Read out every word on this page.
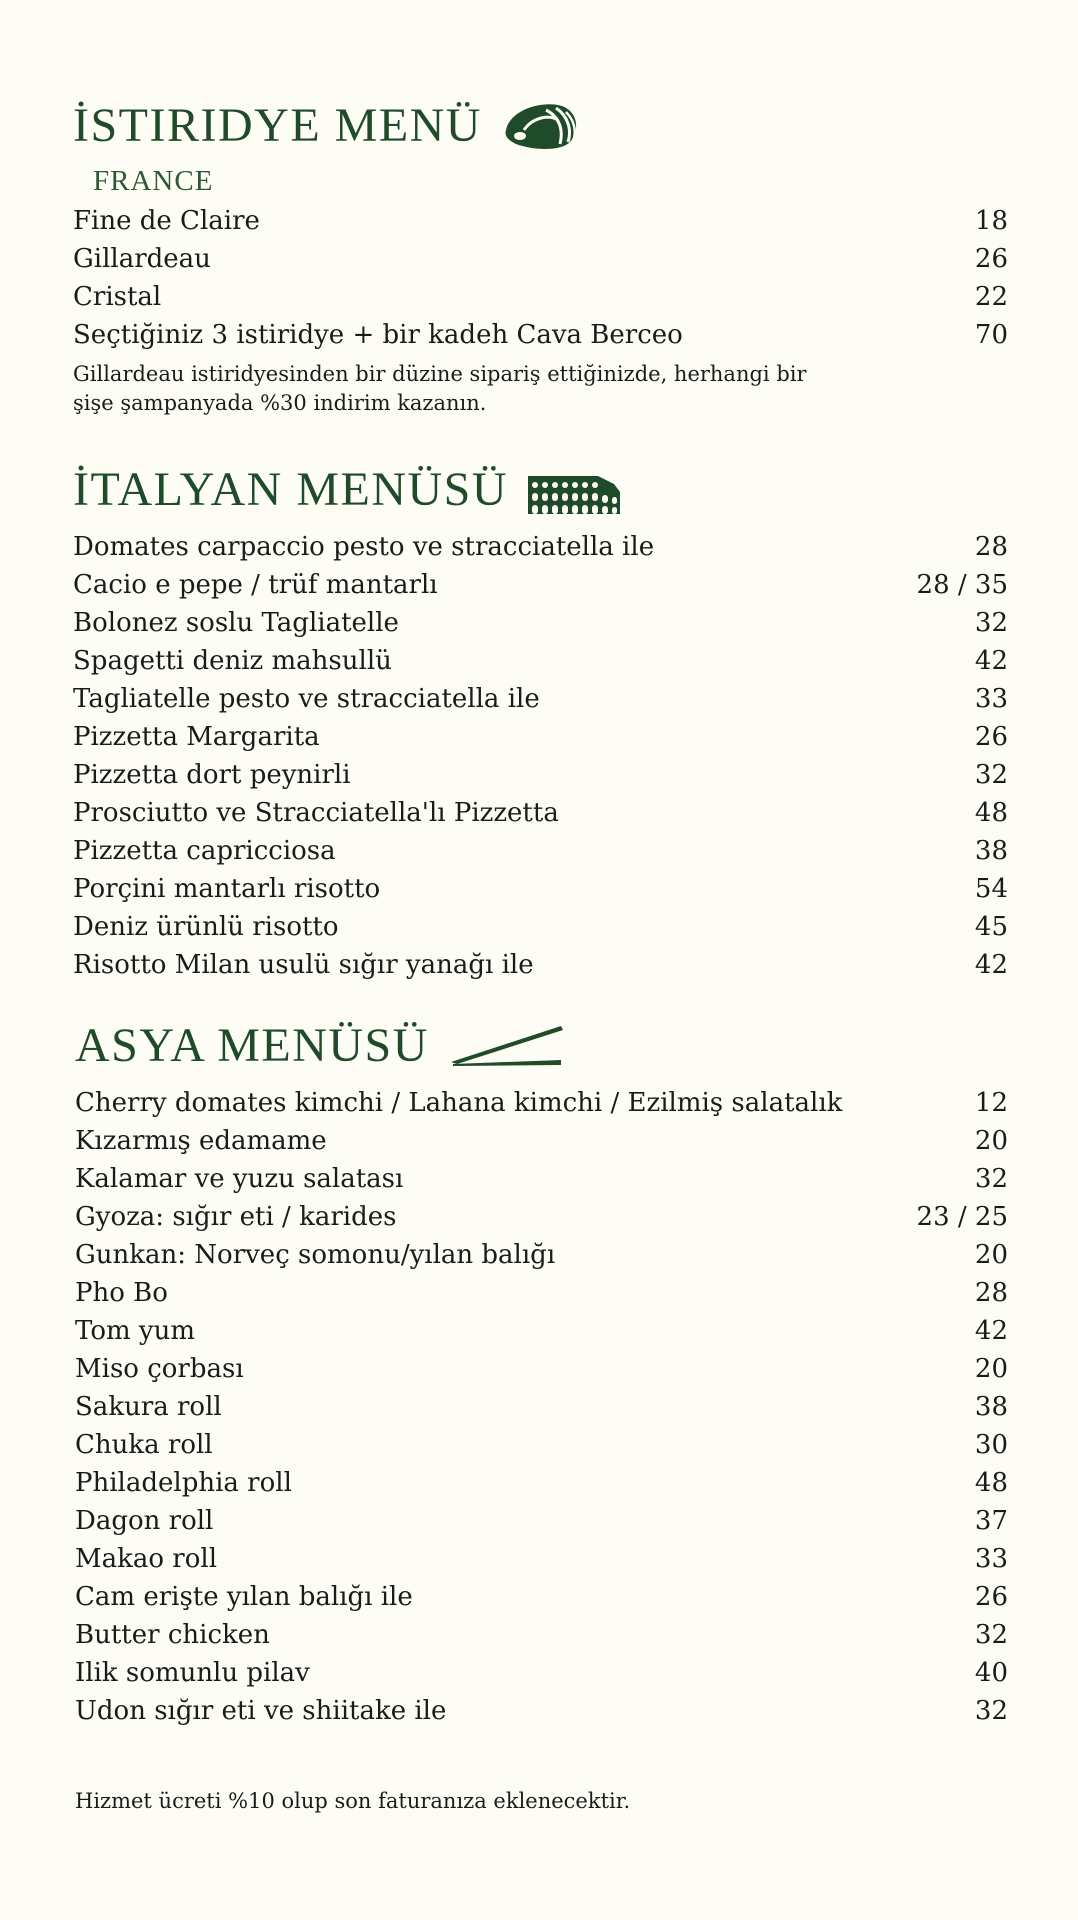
İSTIRIDYE MENÜ
FRANCE
Fine de Claire	18
Gillardeau	26
Cristal	22
Seçtiğiniz 3 istiridye + bir kadeh Cava Berceo	70
Gillardeau istiridyesinden bir düzine sipariş ettiğinizde, herhangi bir şişe şampanyada %30 indirim kazanın.
İTALYAN MENÜSÜ
Domates carpaccio pesto ve stracciatella ile	28
Cacio e pepe / trüf mantarlı	28 / 35
Bolonez soslu Tagliatelle	32
Spagetti deniz mahsullü	42
Tagliatelle pesto ve stracciatella ile	33
Pizzetta Margarita	26
Pizzetta dort peynirli	32
Prosciutto ve Stracciatella'lı Pizzetta	48
Pizzetta capricciosa	38
Porçini mantarlı risotto	54
Deniz ürünlü risotto	45
Risotto Milan usulü sığır yanağı ile	42
ASYA MENÜSÜ
Cherry domates kimchi / Lahana kimchi / Ezilmiş salatalık	12
Kızarmış edamame	20
Kalamar ve yuzu salatası	32
Gyoza: sığır eti / karides	23 / 25
Gunkan: Norveç somonu/yılan balığı	20
Pho Bo	28
Tom yum	42
Miso çorbası	20
Sakura roll	38
Chuka roll	30
Philadelphia roll	48
Dagon roll	37
Makao roll	33
Cam erişte yılan balığı ile	26
Butter chicken	32
Ilik somunlu pilav	40
Udon sığır eti ve shiitake ile	32
Hizmet ücreti %10 olup son faturanıza eklenecektir.
